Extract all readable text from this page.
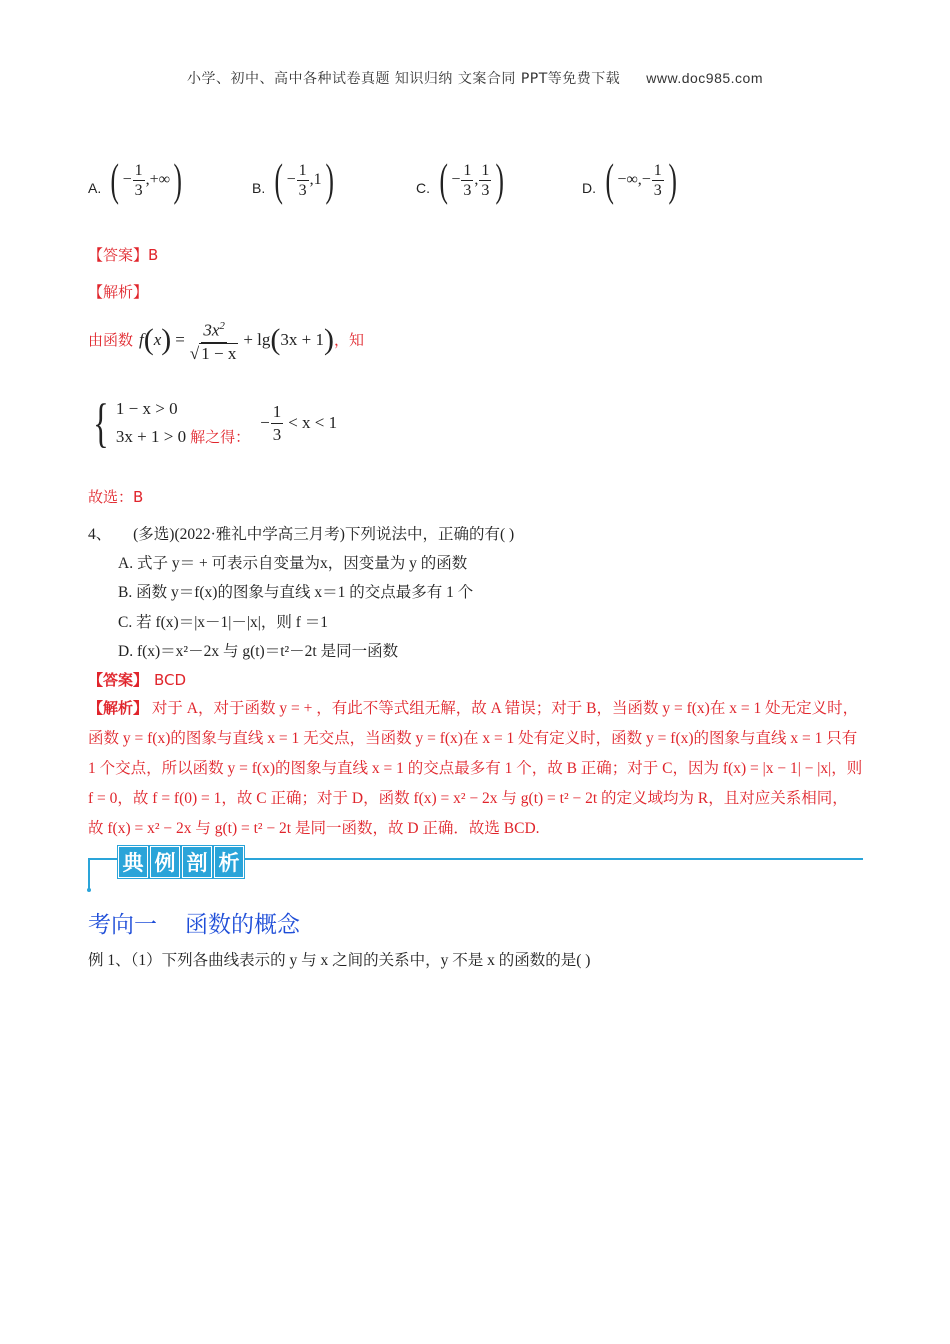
小学、初中、高中各种试卷真题 知识归纳 文案合同 PPT等免费下载 www.doc985.com
A. ( − $\frac{1}{3}$ , +∞ )	B. ( − $\frac{1}{3}$ , 1 )	C. ( − $\frac{1}{3}$ , $\frac{1}{3}$ )	D. ( −∞ , − $\frac{1}{3}$ )
【答案】B
【解析】
由函数 f ( x ) = $\frac{3x^2}{√ 1 - x} + \lg$ ( 3x + 1 ) ，知
{ 1 − x > 0
3x + 1 > 0 解之得：
− $\frac{1}{3} < x < 1$
故选：B
4、 (多选)(2022·雅礼中学高三月考)下列说法中，正确的有( )
A. 式子 y＝ + 可表示自变量为x，因变量为 y 的函数
B. 函数 y＝f(x)的图象与直线 x＝1 的交点最多有 1 个
C. 若 f(x)＝|x－1|－|x|，则 f ＝1
D. f(x)＝x²－2x 与 g(t)＝t²－2t 是同一函数
【答案】 BCD
【解析】 对于 A，对于函数 y = + ，有此不等式组无解，故 A 错误；对于 B，当函数 y = f(x)在 x = 1 处无定义时，函数 y = f(x)的图象与直线 x = 1 无交点，当函数 y = f(x)在 x = 1 处有定义时，函数 y = f(x)的图象与直线 x = 1 只有 1 个交点，所以函数 y = f(x)的图象与直线 x = 1 的交点最多有 1 个，故 B 正确；对于 C，因为 f(x) = |x − 1| − |x|，则 f = 0，故 f = f(0) = 1，故 C 正确；对于 D，函数 f(x) = x² − 2x 与 g(t) = t² − 2t 的定义域均为 R，且对应关系相同，故 f(x) = x² − 2x 与 g(t) = t² − 2t 是同一函数，故 D 正确．故选 BCD.
典 例 剖 析
考向一 函数的概念
例 1、（1）下列各曲线表示的 y 与 x 之间的关系中，y 不是 x 的函数的是( )
